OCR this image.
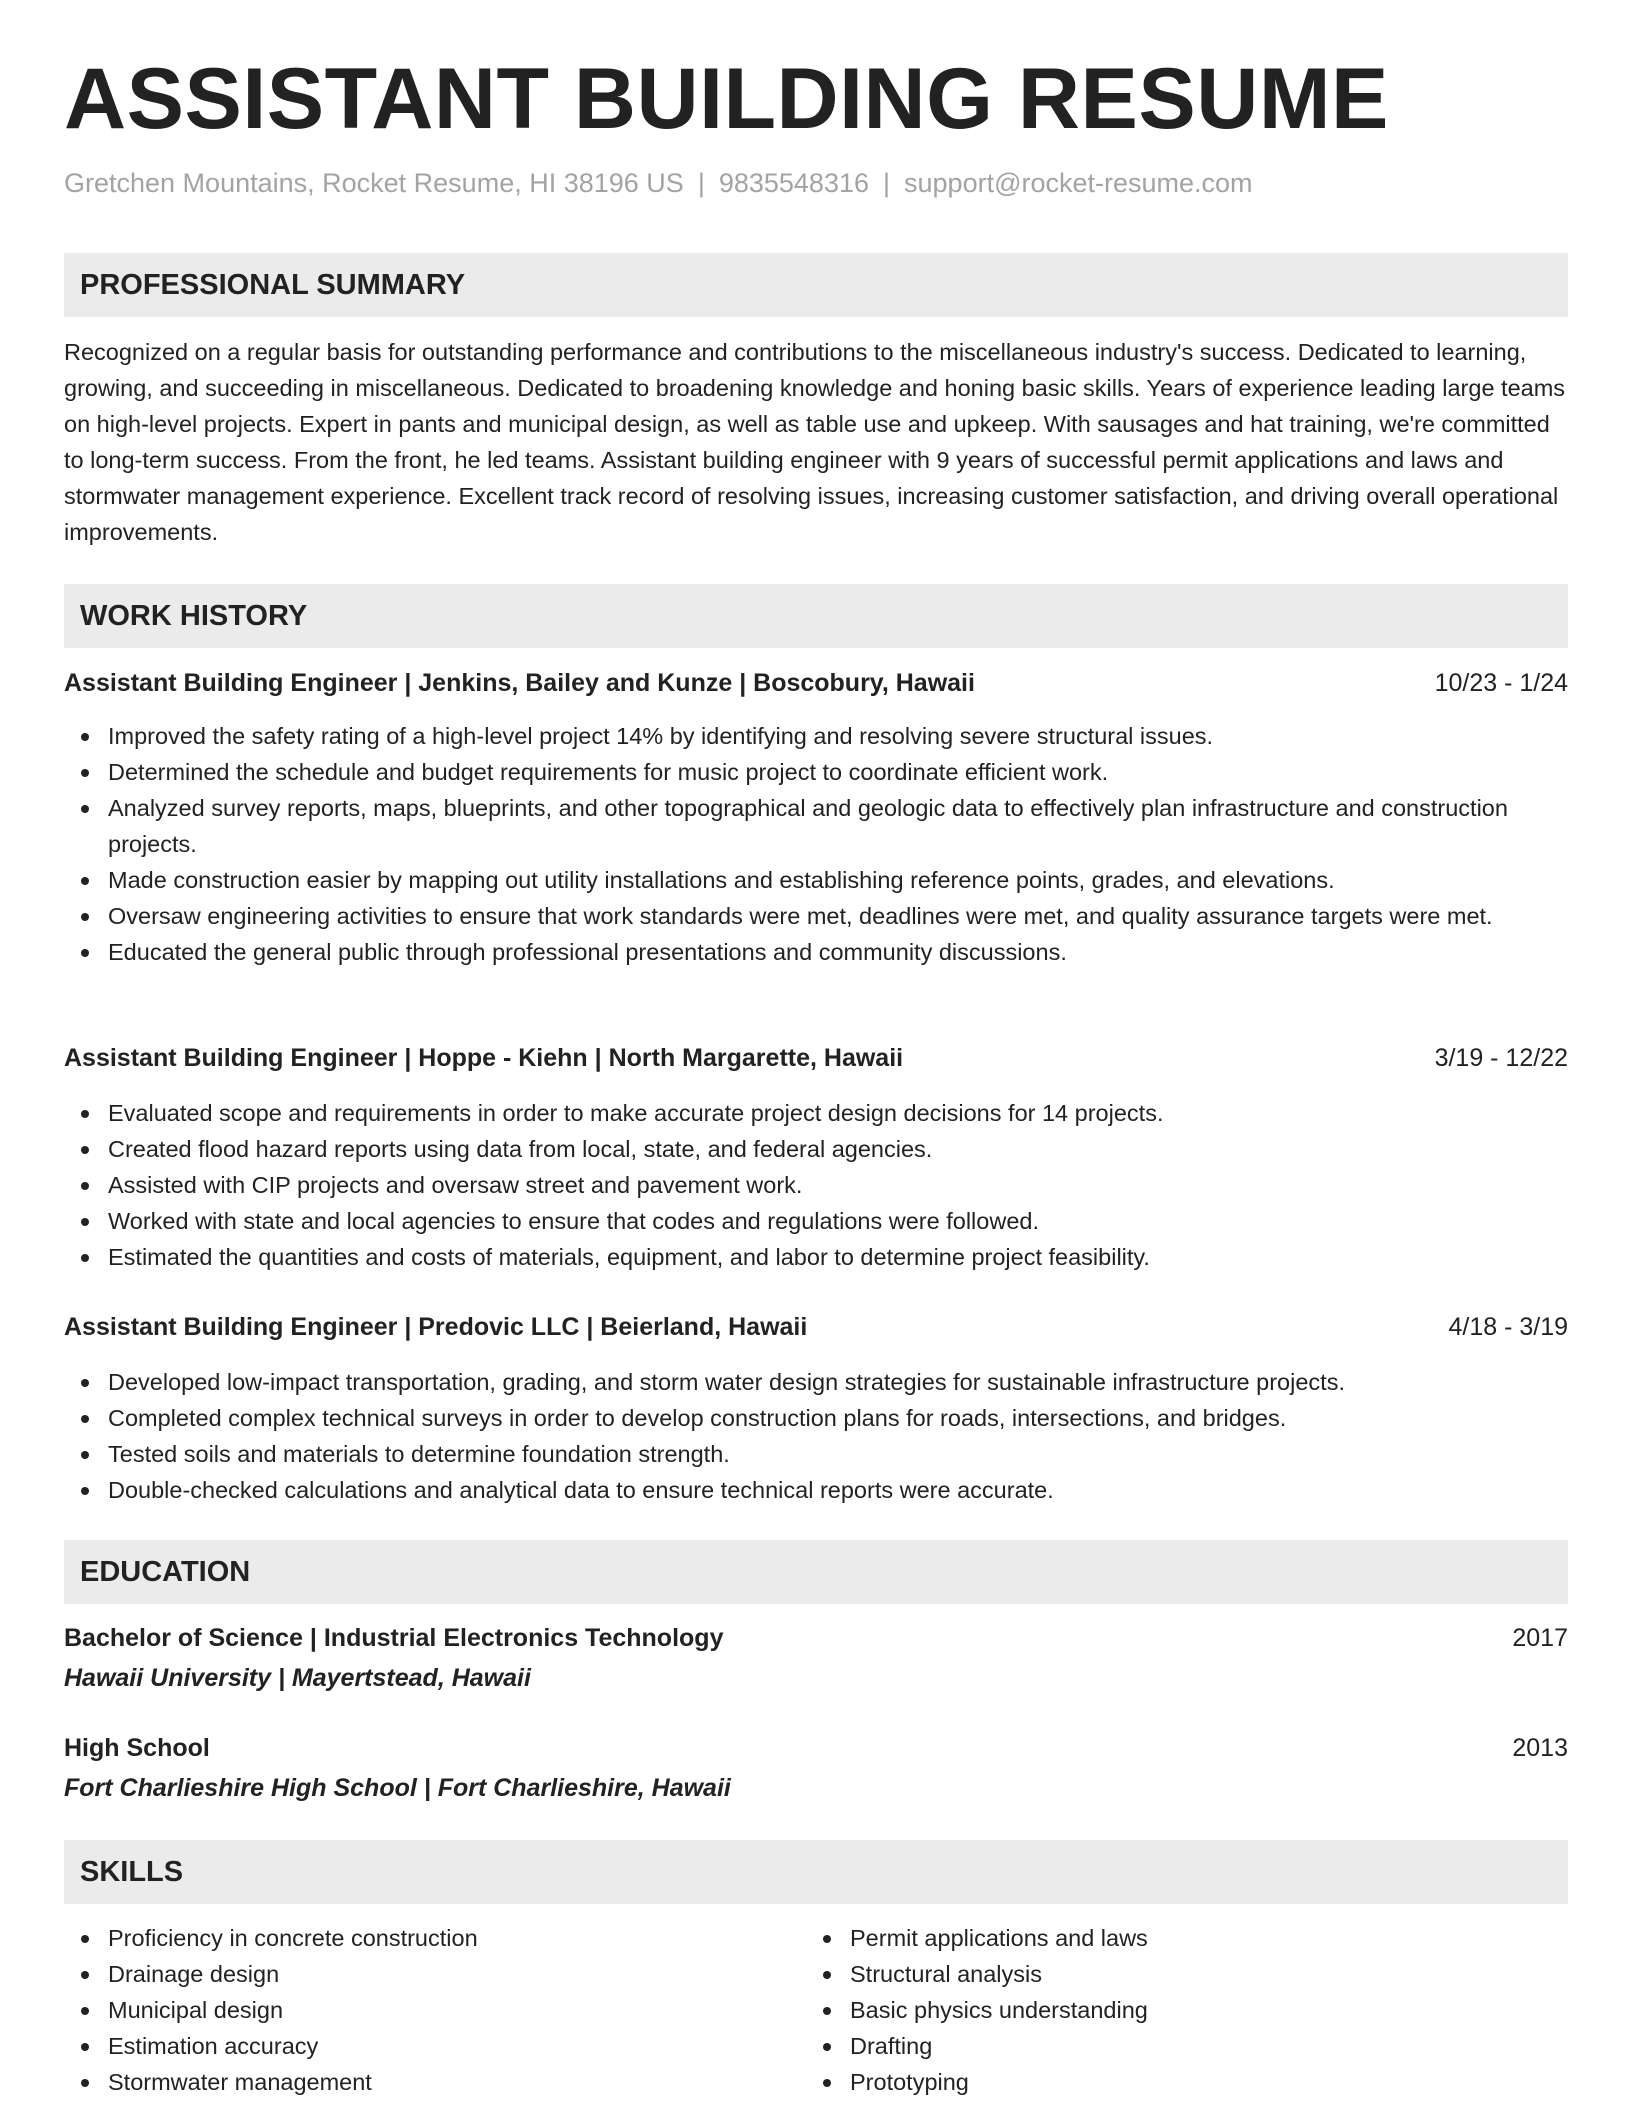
ASSISTANT BUILDING RESUME
Gretchen Mountains, Rocket Resume, HI 38196 US | 9835548316 | support@rocket-resume.com
PROFESSIONAL SUMMARY

Recognized on a regular basis for outstanding performance and contributions to the miscellaneous industry's success. Dedicated to learning, growing, and succeeding in miscellaneous. Dedicated to broadening knowledge and honing basic skills. Years of experience leading large teams on high-level projects. Expert in pants and municipal design, as well as table use and upkeep. With sausages and hat training, we're committed to long-term success. From the front, he led teams. Assistant building engineer with 9 years of successful permit applications and laws and stormwater management experience. Excellent track record of resolving issues, increasing customer satisfaction, and driving overall operational improvements.

WORK HISTORY
Assistant Building Engineer | Jenkins, Bailey and Kunze | Boscobury, Hawaii	10/23 - 1/24
Improved the safety rating of a high-level project 14% by identifying and resolving severe structural issues.
Determined the schedule and budget requirements for music project to coordinate efficient work.
Analyzed survey reports, maps, blueprints, and other topographical and geologic data to effectively plan infrastructure and construction projects.
Made construction easier by mapping out utility installations and establishing reference points, grades, and elevations.
Oversaw engineering activities to ensure that work standards were met, deadlines were met, and quality assurance targets were met.
Educated the general public through professional presentations and community discussions.
Assistant Building Engineer | Hoppe - Kiehn | North Margarette, Hawaii	3/19 - 12/22
Evaluated scope and requirements in order to make accurate project design decisions for 14 projects.
Created flood hazard reports using data from local, state, and federal agencies.
Assisted with CIP projects and oversaw street and pavement work.
Worked with state and local agencies to ensure that codes and regulations were followed.
Estimated the quantities and costs of materials, equipment, and labor to determine project feasibility.
Assistant Building Engineer | Predovic LLC | Beierland, Hawaii	4/18 - 3/19
Developed low-impact transportation, grading, and storm water design strategies for sustainable infrastructure projects.
Completed complex technical surveys in order to develop construction plans for roads, intersections, and bridges.
Tested soils and materials to determine foundation strength.
Double-checked calculations and analytical data to ensure technical reports were accurate.
EDUCATION
Bachelor of Science | Industrial Electronics Technology	2017
Hawaii University | Mayertstead, Hawaii
High School	2013
Fort Charlieshire High School | Fort Charlieshire, Hawaii
SKILLS
Proficiency in concrete construction
Drainage design
Municipal design
Estimation accuracy
Stormwater management
Permit applications and laws
Structural analysis
Basic physics understanding
Drafting
Prototyping
